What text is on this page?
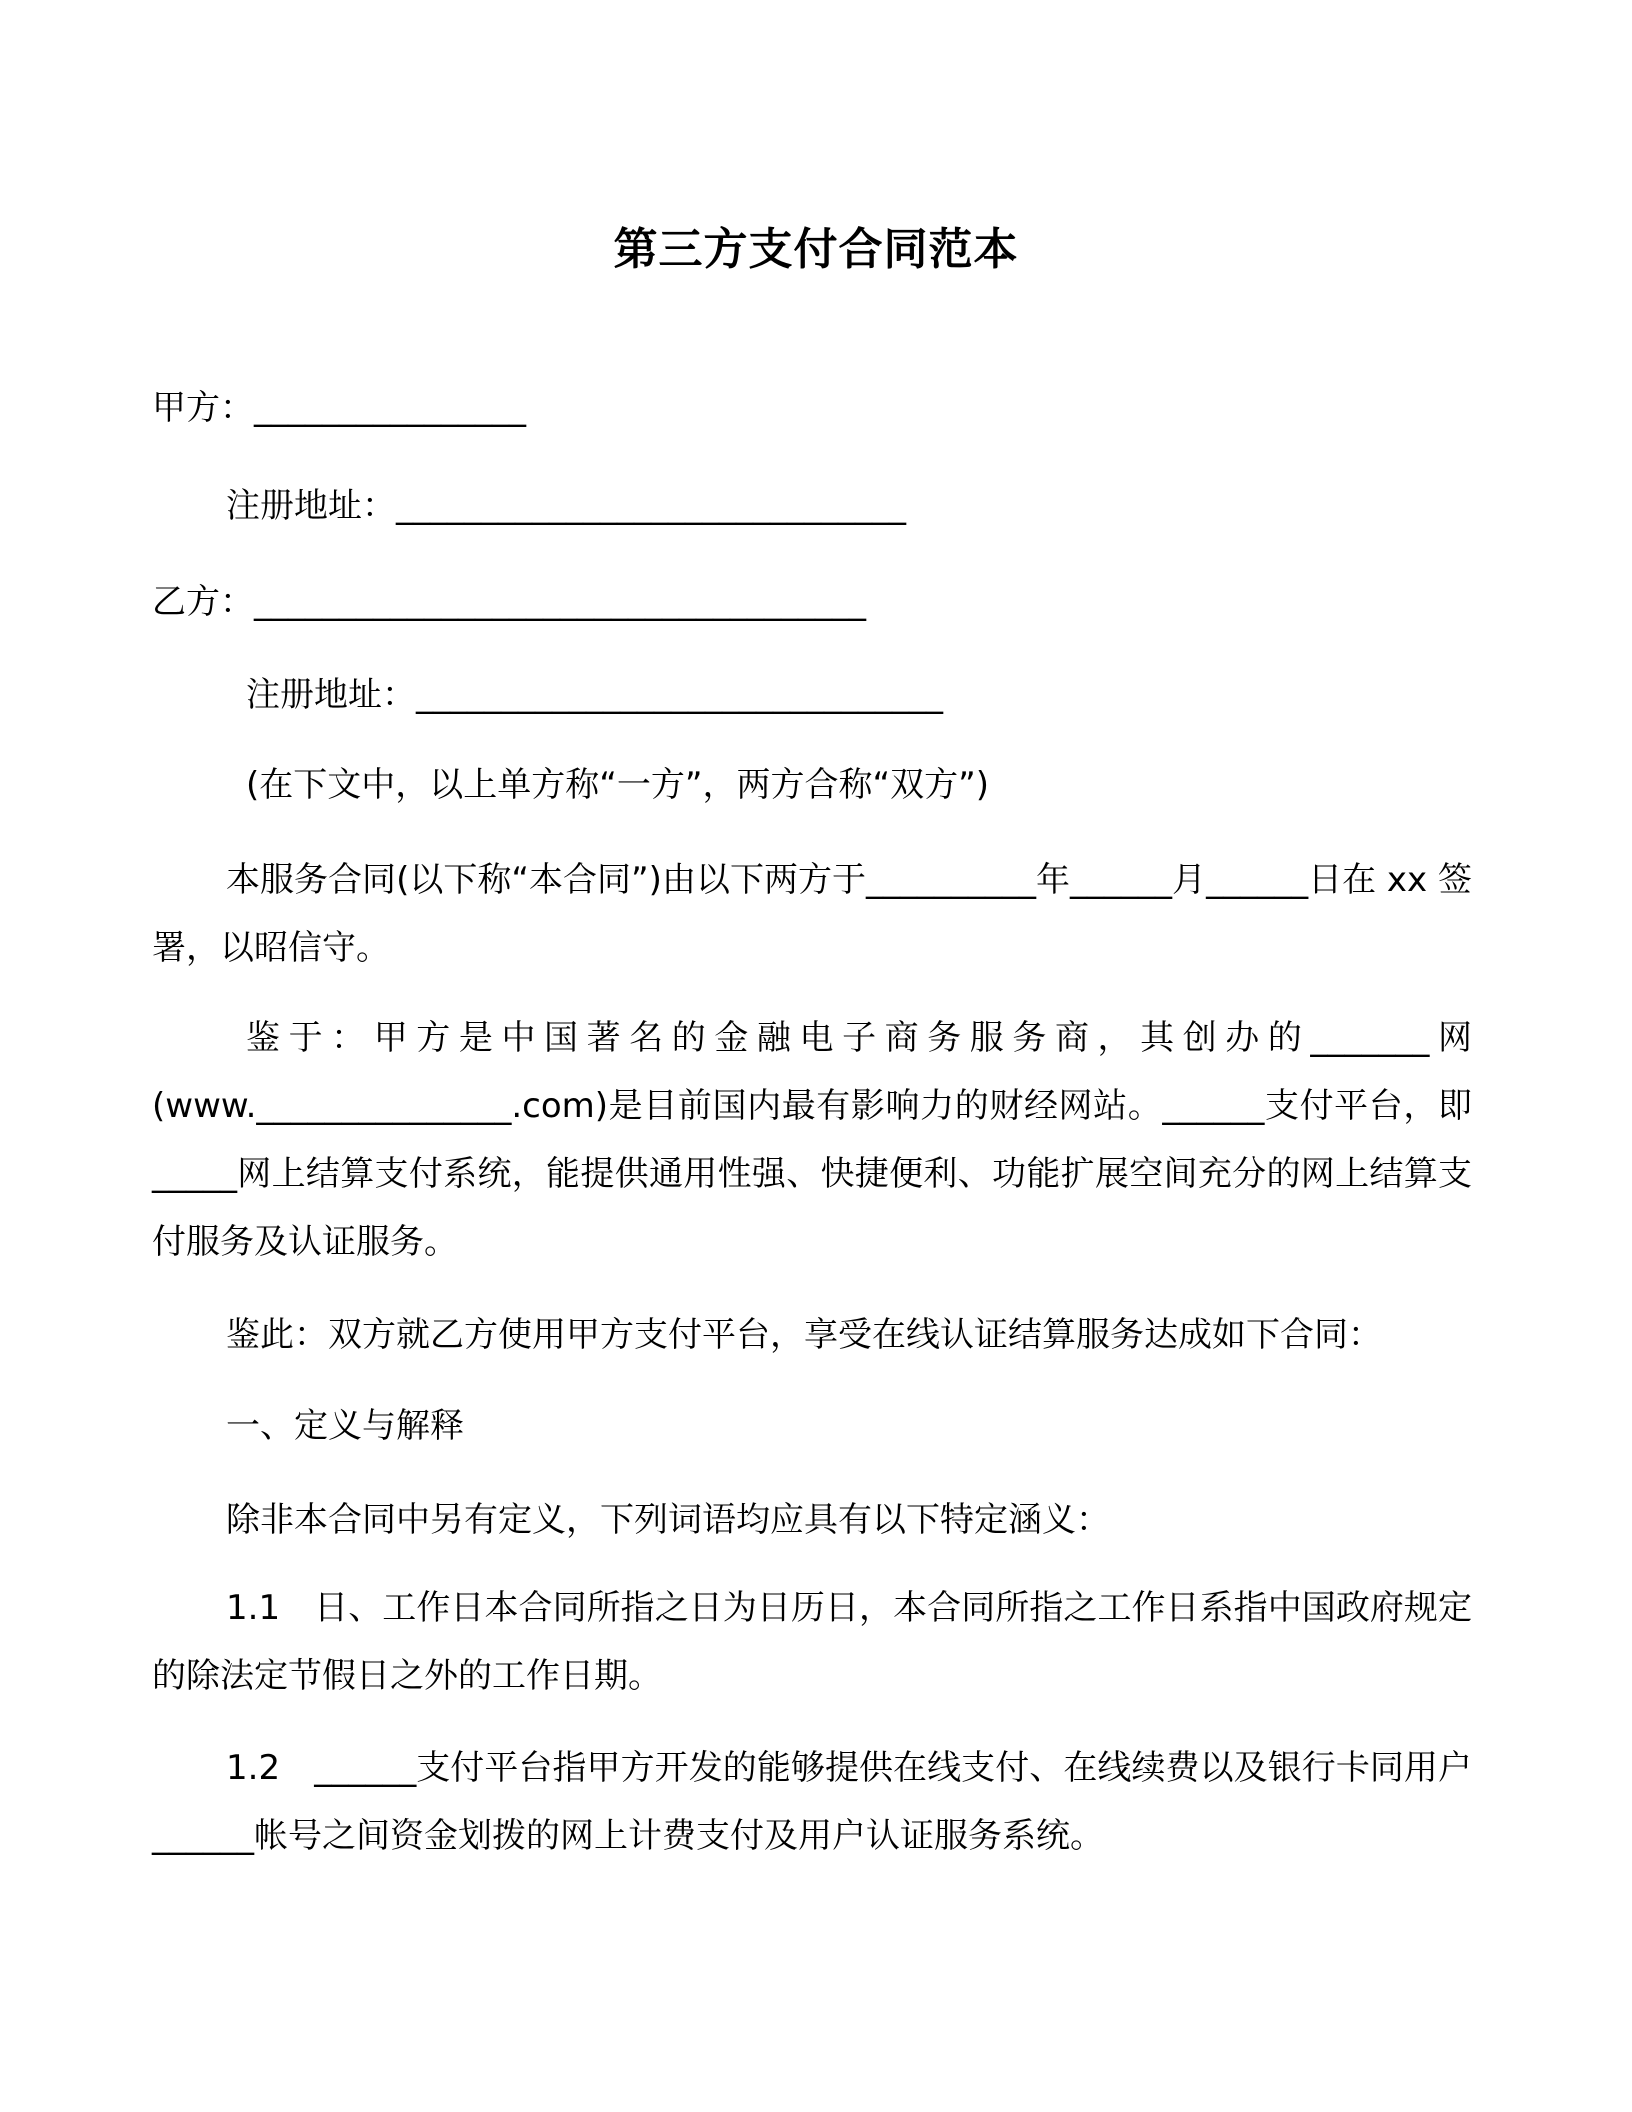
第三方支付合同范本
甲方：________________
注册地址：______________________________
乙方：____________________________________
注册地址：_______________________________
(在下文中，以上单方称“一方”，两方合称“双方”)
本服务合同(以下称“本合同”)由以下两方于__________年______月______日在 xx 签署，以昭信守。
鉴于：甲方是中国著名的金融电子商务服务商，其创办的_______网(www._______________.com)是目前国内最有影响力的财经网站。______支付平台，即_____网上结算支付系统，能提供通用性强、快捷便利、功能扩展空间充分的网上结算支付服务及认证服务。
鉴此：双方就乙方使用甲方支付平台，享受在线认证结算服务达成如下合同：
一、定义与解释
除非本合同中另有定义，下列词语均应具有以下特定涵义：
1.1　日、工作日本合同所指之日为日历日，本合同所指之工作日系指中国政府规定的除法定节假日之外的工作日期。
1.2　______支付平台指甲方开发的能够提供在线支付、在线续费以及银行卡同用户______帐号之间资金划拨的网上计费支付及用户认证服务系统。
